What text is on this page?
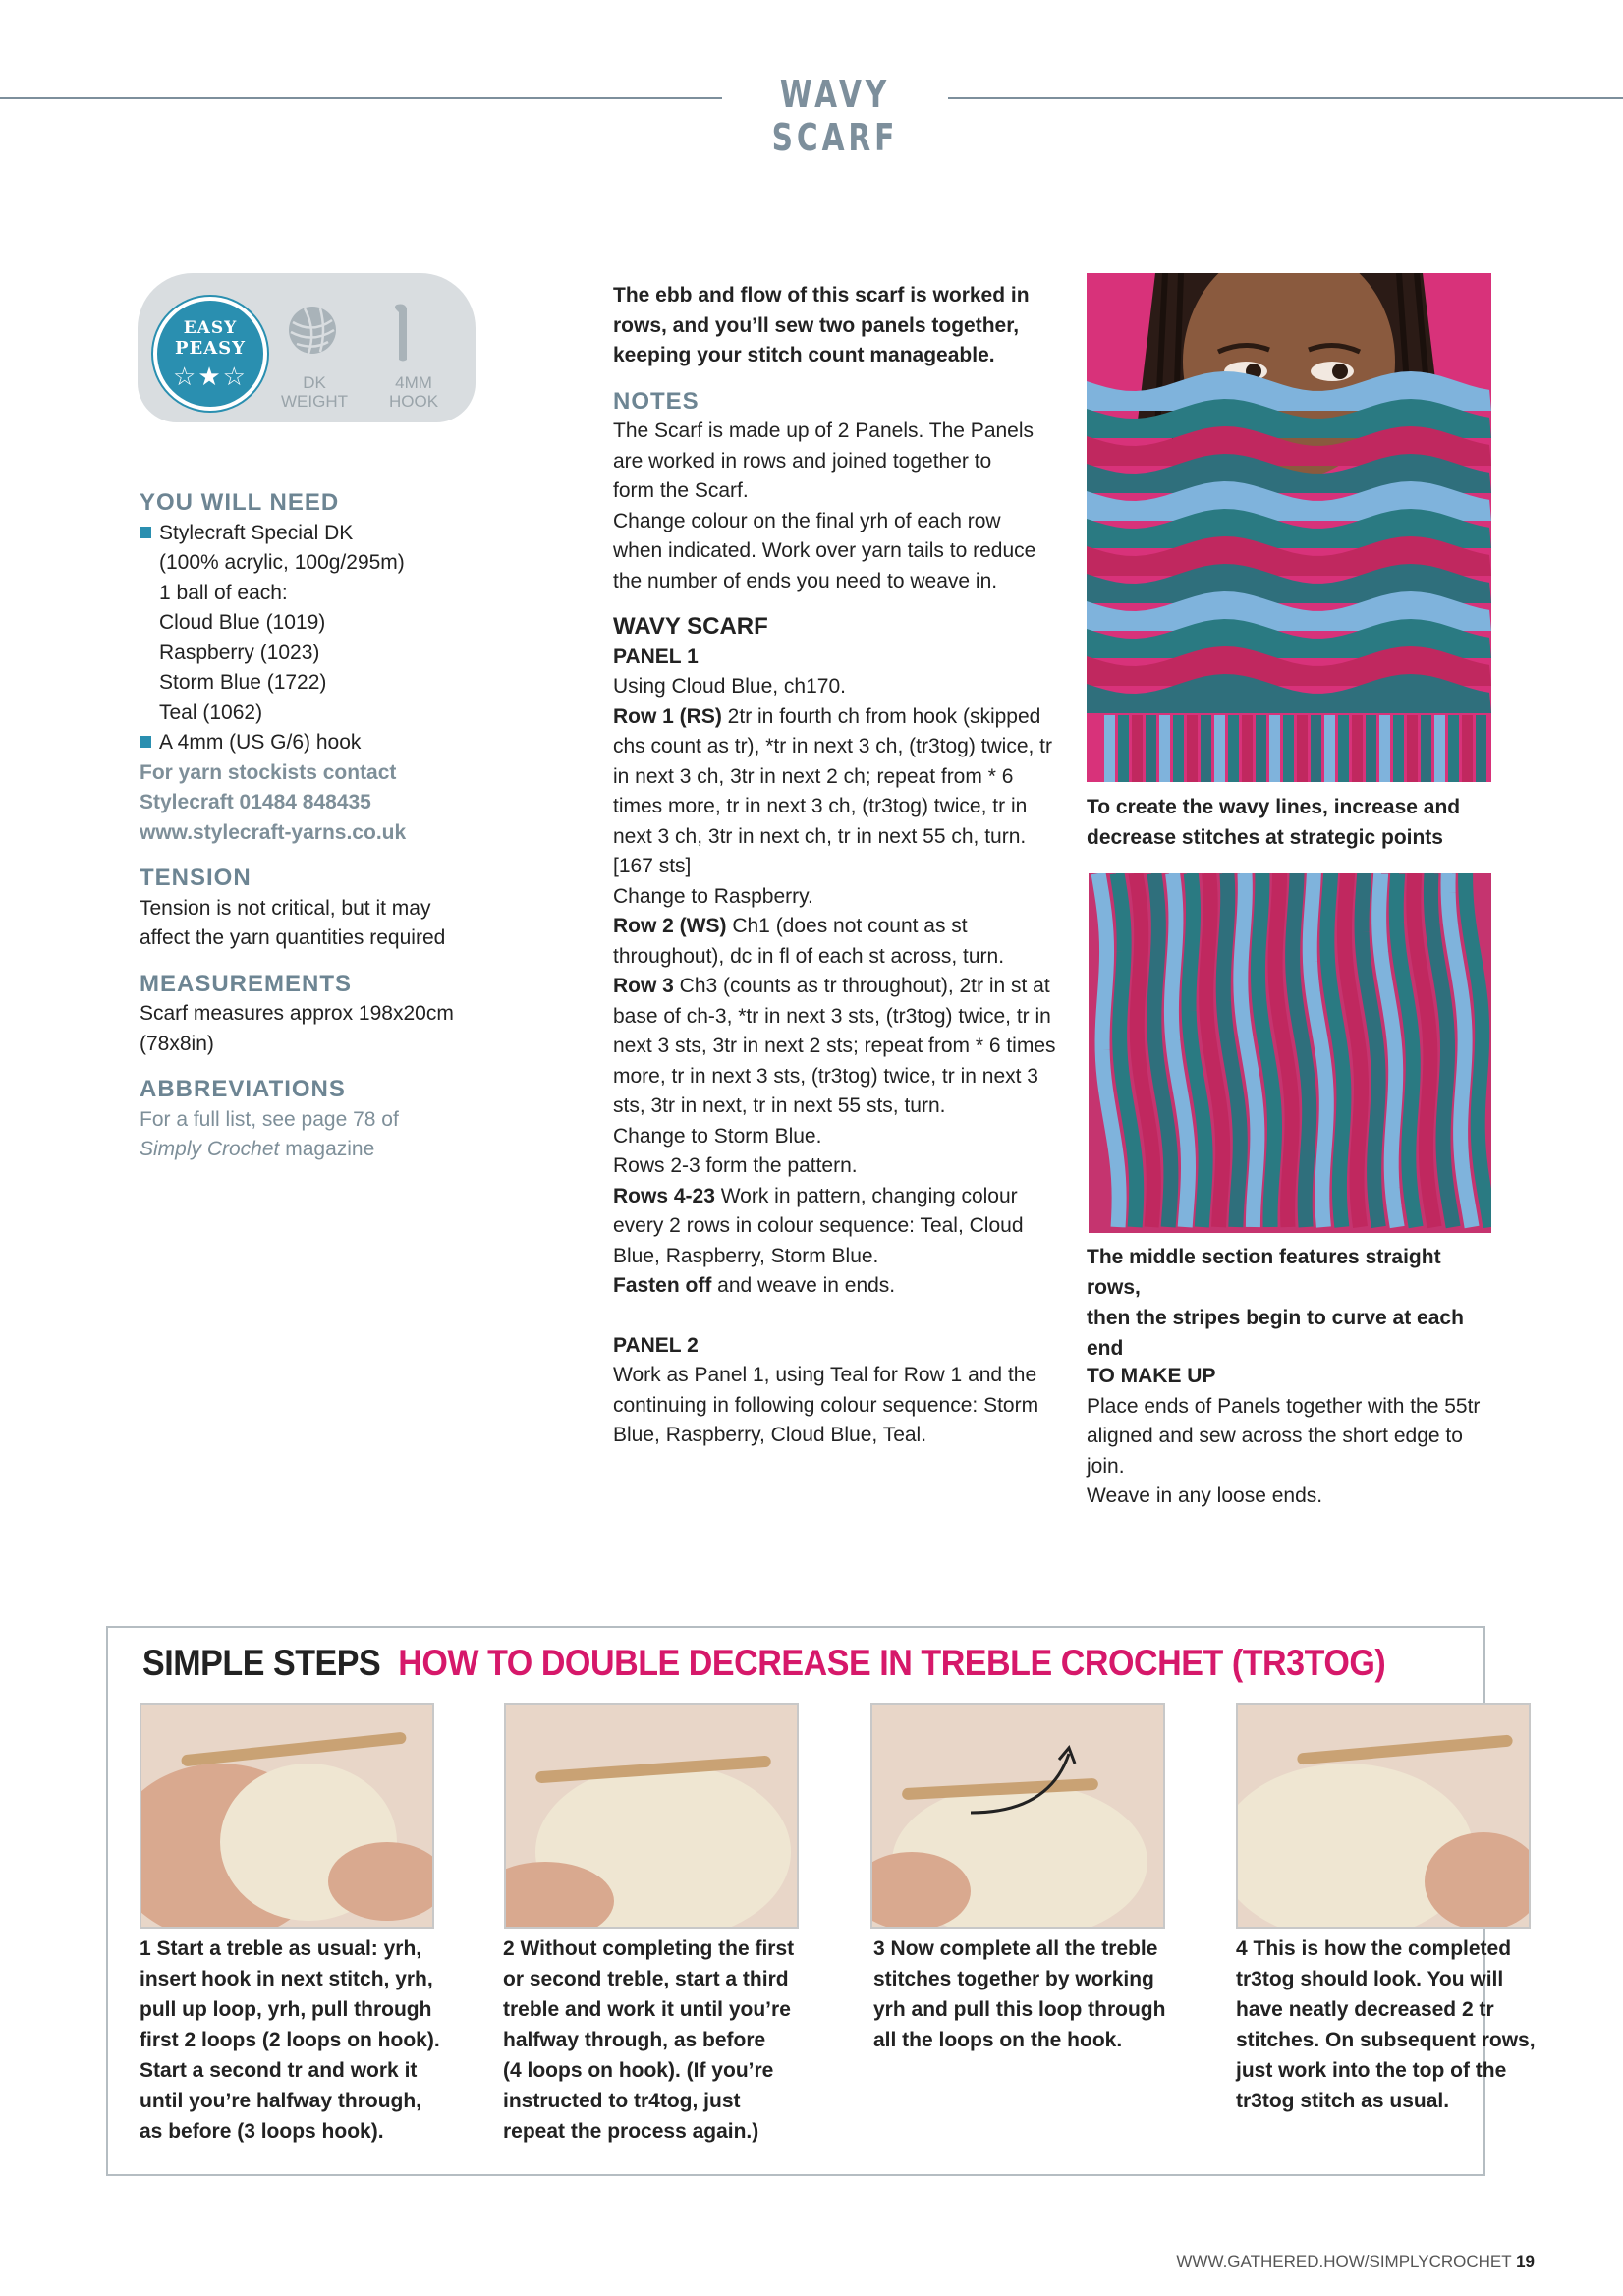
WAVY SCARF
EASY
PEASY
☆★☆	DK
WEIGHT
4MM
HOOK
YOU WILL NEED
Stylecraft Special DK
(100% acrylic, 100g/295m)
1 ball of each:
Cloud Blue (1019)
Raspberry (1023)
Storm Blue (1722)
Teal (1062)
A 4mm (US G/6) hook
For yarn stockists contact
Stylecraft 01484 848435
www.stylecraft-yarns.co.uk
TENSION
Tension is not critical, but it may
affect the yarn quantities required
MEASUREMENTS
Scarf measures approx 198x20cm
(78x8in)
ABBREVIATIONS
For a full list, see page 78 of
Simply Crochet magazine
The ebb and flow of this scarf is worked in
rows, and you’ll sew two panels together,
keeping your stitch count manageable.
NOTES
The Scarf is made up of 2 Panels. The Panels
are worked in rows and joined together to
form the Scarf.
Change colour on the final yrh of each row
when indicated. Work over yarn tails to reduce
the number of ends you need to weave in.
WAVY SCARF
PANEL 1
Using Cloud Blue, ch170.
Row 1 (RS) 2tr in fourth ch from hook (skipped
chs count as tr), *tr in next 3 ch, (tr3tog) twice, tr
in next 3 ch, 3tr in next 2 ch; repeat from * 6
times more, tr in next 3 ch, (tr3tog) twice, tr in
next 3 ch, 3tr in next ch, tr in next 55 ch, turn.
[167 sts]
Change to Raspberry.
Row 2 (WS) Ch1 (does not count as st
throughout), dc in fl of each st across, turn.
Row 3 Ch3 (counts as tr throughout), 2tr in st at
base of ch-3, *tr in next 3 sts, (tr3tog) twice, tr in
next 3 sts, 3tr in next 2 sts; repeat from * 6 times
more, tr in next 3 sts, (tr3tog) twice, tr in next 3
sts, 3tr in next, tr in next 55 sts, turn.
Change to Storm Blue.
Rows 2-3 form the pattern.
Rows 4-23 Work in pattern, changing colour
every 2 rows in colour sequence: Teal, Cloud
Blue, Raspberry, Storm Blue.
Fasten off and weave in ends.
PANEL 2
Work as Panel 1, using Teal for Row 1 and the
continuing in following colour sequence: Storm
Blue, Raspberry, Cloud Blue, Teal.
To create the wavy lines, increase and
decrease stitches at strategic points
The middle section features straight rows,
then the stripes begin to curve at each end
TO MAKE UP
Place ends of Panels together with the 55tr
aligned and sew across the short edge to join.
Weave in any loose ends.
SIMPLE STEPS HOW TO DOUBLE DECREASE IN TREBLE CROCHET (TR3TOG)
1 Start a treble as usual: yrh,
insert hook in next stitch, yrh,
pull up loop, yrh, pull through
first 2 loops (2 loops on hook).
Start a second tr and work it
until you’re halfway through,
as before (3 loops hook).
2 Without completing the first
or second treble, start a third
treble and work it until you’re
halfway through, as before
(4 loops on hook). (If you’re
instructed to tr4tog, just
repeat the process again.)
3 Now complete all the treble
stitches together by working
yrh and pull this loop through
all the loops on the hook.
4 This is how the completed
tr3tog should look. You will
have neatly decreased 2 tr
stitches. On subsequent rows,
just work into the top of the
tr3tog stitch as usual.
WWW.GATHERED.HOW/SIMPLYCROCHET 19
